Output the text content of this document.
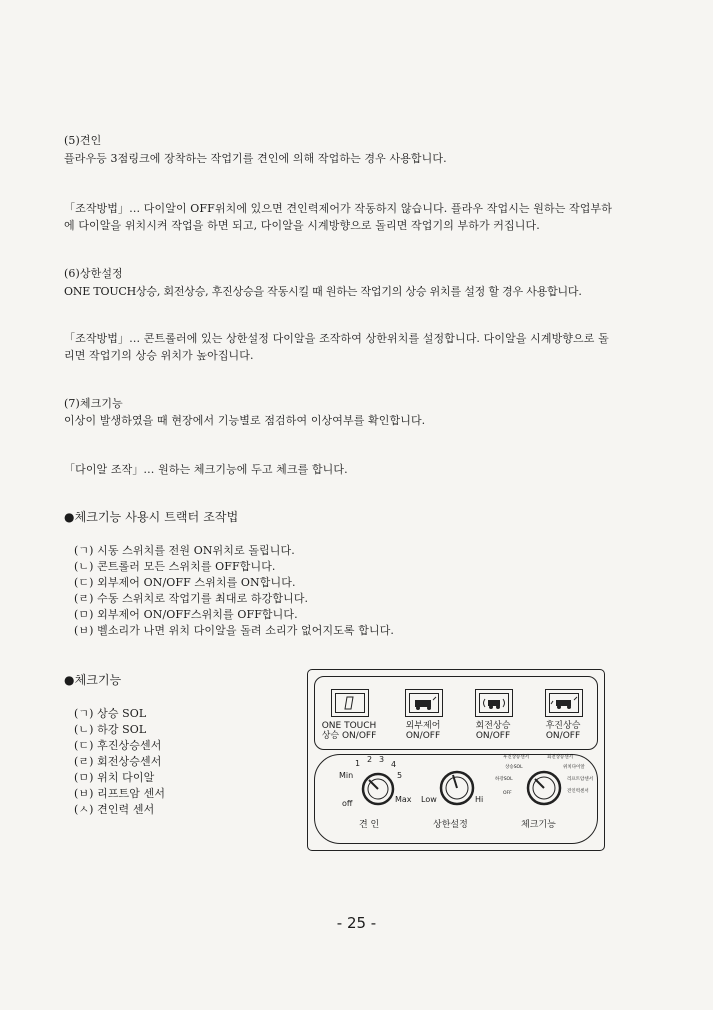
(5)견인
플라우등 3점링크에 장착하는 작업기를 견인에 의해 작업하는 경우 사용합니다.
「조작방법」… 다이알이 OFF위치에 있으면 견인력제어가 작동하지 않습니다. 플라우 작업시는 원하는 작업부하
에 다이알을 위치시켜 작업을 하면 되고, 다이알을 시계방향으로 돌리면 작업기의 부하가 커집니다.
(6)상한설정
ONE TOUCH상승, 회전상승, 후진상승을 작동시킬 때 원하는 작업기의 상승 위치를 설정 할 경우 사용합니다.
「조작방법」… 콘트롤러에 있는 상한설정 다이알을 조작하여 상한위치를 설정합니다. 다이알을 시계방향으로 돌
리면 작업기의 상승 위치가 높아집니다.
(7)체크기능
이상이 발생하였을 때 현장에서 기능별로 점검하여 이상여부를 확인합니다.
「다이알 조작」… 원하는 체크기능에 두고 체크를 합니다.
●체크기능 사용시 트랙터 조작법
(ㄱ) 시동 스위치를 전원 ON위치로 돌립니다.
(ㄴ) 콘트롤러 모든 스위치를 OFF합니다.
(ㄷ) 외부제어 ON/OFF 스위치를 ON합니다.
(ㄹ) 수동 스위치로 작업기를 최대로 하강합니다.
(ㅁ) 외부제어 ON/OFF스위치를 OFF합니다.
(ㅂ) 벨소리가 나면 위치 다이알을 돌려 소리가 없어지도록 합니다.
●체크기능
(ㄱ) 상승 SOL
(ㄴ) 하강 SOL
(ㄷ) 후진상승센서
(ㄹ) 회전상승센서
(ㅁ) 위치 다이알
(ㅂ) 리프트암 센서
(ㅅ) 견인력 센서
ONE TOUCH
상승 ON/OFF
외부제어
ON/OFF
회전상승
ON/OFF
후진상승
ON/OFF
1 2 3
4
5
Min
Max
off
견 인
Low	Hi
상한설정
후진상승센서	회전상승센서
위치다이알
리프트암센서
견인력센서
상승SOL
하강SOL
OFF
체크기능
- 25 -
